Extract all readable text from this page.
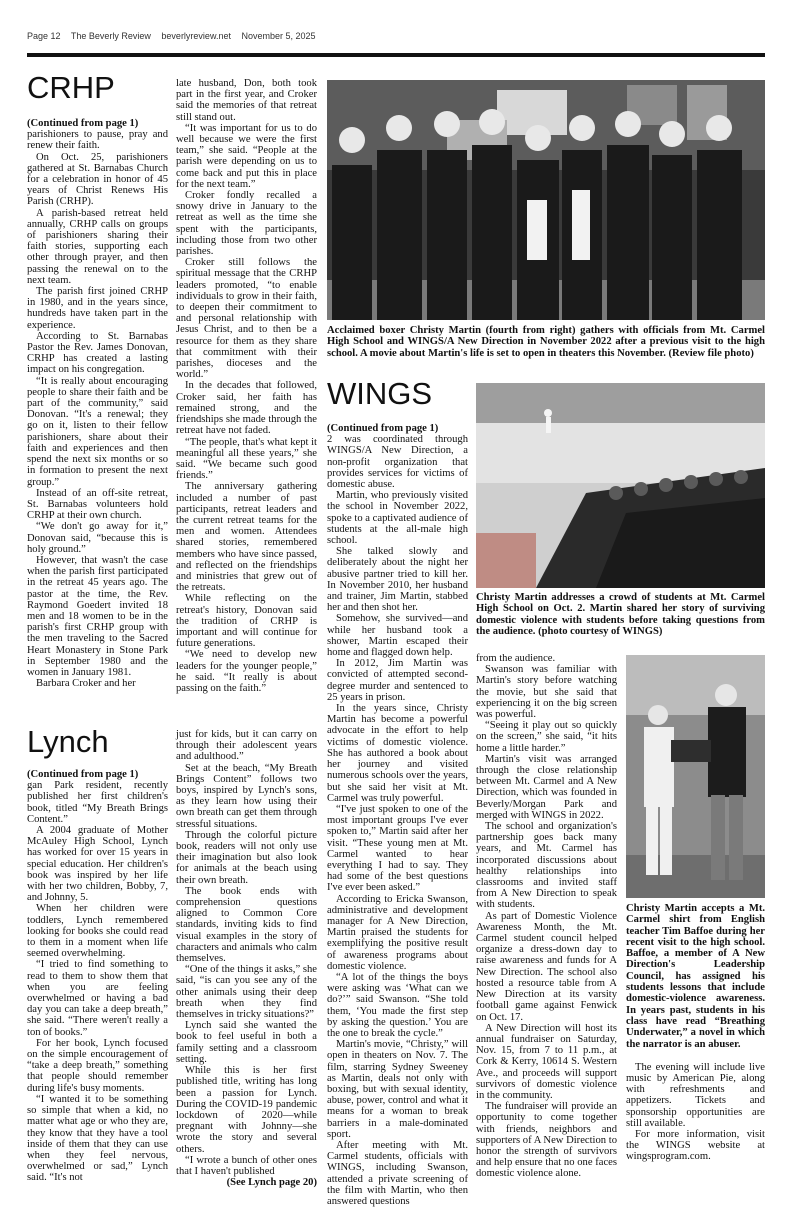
Page 12 The Beverly Review beverlyreview.net November 5, 2025
CRHP

(Continued from page 1)

parishioners to pause, pray and renew their faith.

On Oct. 25, parishioners gathered at St. Barnabas Church for a celebration in honor of 45 years of Christ Renews His Parish (CRHP).

A parish-based retreat held annually, CRHP calls on groups of parishioners sharing their faith stories, supporting each other through prayer, and then passing the renewal on to the next team.

The parish first joined CRHP in 1980, and in the years since, hundreds have taken part in the experience.

According to St. Barnabas Pastor the Rev. James Donovan, CRHP has created a lasting impact on his congregation.

“It is really about encouraging people to share their faith and be part of the community,” said Donovan. “It's a renewal; they go on it, listen to their fellow parishioners, share about their faith and experiences and then spend the next six months or so in formation to present the next group.”

Instead of an off-site retreat, St. Barnabas volunteers hold CRHP at their own church.

“We don't go away for it,” Donovan said, “because this is holy ground.”

However, that wasn't the case when the parish first participated in the retreat 45 years ago. The pastor at the time, the Rev. Raymond Goedert invited 18 men and 18 women to be in the parish's first CRHP group with the men traveling to the Sacred Heart Monastery in Stone Park in September 1980 and the women in January 1981.

Barbara Croker and her

late husband, Don, both took part in the first year, and Croker said the memories of that retreat still stand out.

“It was important for us to do well because we were the first team,” she said. “People at the parish were depending on us to come back and put this in place for the next team.”

Croker fondly recalled a snowy drive in January to the retreat as well as the time she spent with the participants, including those from two other parishes.

Croker still follows the spiritual message that the CRHP leaders promoted, “to enable individuals to grow in their faith, to deepen their commitment to and personal relationship with Jesus Christ, and to then be a resource for them as they share that commitment with their parishes, dioceses and the world.”

In the decades that followed, Croker said, her faith has remained strong, and the friendships she made through the retreat have not faded.

“The people, that's what kept it meaningful all these years,” she said. “We became such good friends.”

The anniversary gathering included a number of past participants, retreat leaders and the current retreat teams for the men and women. Attendees shared stories, remembered members who have since passed, and reflected on the friendships and ministries that grew out of the retreats.

While reflecting on the retreat's history, Donovan said the tradition of CRHP is important and will continue for future generations.

“We need to develop new leaders for the younger people,” he said. “It really is about passing on the faith.”

Acclaimed boxer Christy Martin (fourth from right) gathers with officials from Mt. Carmel High School and WINGS/A New Direction in November 2022 after a previous visit to the high school. A movie about Martin's life is set to open in theaters this November. (Review file photo)
WINGS

(Continued from page 1)

2 was coordinated through WINGS/A New Direction, a non-profit organization that provides services for victims of domestic abuse.

Martin, who previously visited the school in November 2022, spoke to a captivated audience of students at the all-male high school.

She talked slowly and deliberately about the night her abusive partner tried to kill her. In November 2010, her husband and trainer, Jim Martin, stabbed her and then shot her.

Somehow, she survived—and while her husband took a shower, Martin escaped their home and flagged down help.

In 2012, Jim Martin was convicted of attempted second-degree murder and sentenced to 25 years in prison.

In the years since, Christy Martin has become a powerful advocate in the effort to help victims of domestic violence. She has authored a book about her journey and visited numerous schools over the years, but she said her visit at Mt. Carmel was truly powerful.

“I've just spoken to one of the most important groups I've ever spoken to,” Martin said after her visit. “These young men at Mt. Carmel wanted to hear everything I had to say. They had some of the best questions I've ever been asked.”

According to Ericka Swanson, administrative and development manager for A New Direction, Martin praised the students for exemplifying the positive result of awareness programs about domestic violence.

“A lot of the things the boys were asking was ‘What can we do?’” said Swanson. “She told them, ‘You made the first step by asking the question.’ You are the one to break the cycle.”

Martin's movie, “Christy,” will open in theaters on Nov. 7. The film, starring Sydney Sweeney as Martin, deals not only with boxing, but with sexual identity, abuse, power, control and what it means for a woman to break barriers in a male-dominated sport.

After meeting with Mt. Carmel students, officials with WINGS, including Swanson, attended a private screening of the film with Martin, who then answered questions

from the audience.

Swanson was familiar with Martin's story before watching the movie, but she said that experiencing it on the big screen was powerful.

“Seeing it play out so quickly on the screen,” she said, “it hits home a little harder.”

Martin's visit was arranged through the close relationship between Mt. Carmel and A New Direction, which was founded in Beverly/Morgan Park and merged with WINGS in 2022.

The school and organization's partnership goes back many years, and Mt. Carmel has incorporated discussions about healthy relationships into classrooms and invited staff from A New Direction to speak with students.

As part of Domestic Violence Awareness Month, the Mt. Carmel student council helped organize a dress-down day to raise awareness and funds for A New Direction. The school also hosted a resource table from A New Direction at its varsity football game against Fenwick on Oct. 17.

A New Direction will host its annual fundraiser on Saturday, Nov. 15, from 7 to 11 p.m., at Cork & Kerry, 10614 S. Western Ave., and proceeds will support survivors of domestic violence in the community.

The fundraiser will provide an opportunity to come together with friends, neighbors and supporters of A New Direction to honor the strength of survivors and help ensure that no one faces domestic violence alone.

Christy Martin addresses a crowd of students at Mt. Carmel High School on Oct. 2. Martin shared her story of surviving domestic violence with students before taking questions from the audience. (photo courtesy of WINGS)
Christy Martin accepts a Mt. Carmel shirt from English teacher Tim Baffoe during her recent visit to the high school. Baffoe, a member of A New Direction's Leadership Council, has assigned his students lessons that include domestic-violence awareness. In years past, students in his class have read “Breathing Underwater,” a novel in which the narrator is an abuser.

The evening will include live music by American Pie, along with refreshments and appetizers. Tickets and sponsorship opportunities are still available.

For more information, visit the WINGS website at wingsprogram.com.

Lynch

(Continued from page 1)

gan Park resident, recently published her first children's book, titled “My Breath Brings Content.”

A 2004 graduate of Mother McAuley High School, Lynch has worked for over 15 years in special education. Her children's book was inspired by her life with her two children, Bobby, 7, and Johnny, 5.

When her children were toddlers, Lynch remembered looking for books she could read to them in a moment when life seemed overwhelming.

“I tried to find something to read to them to show them that when you are feeling overwhelmed or having a bad day you can take a deep breath,” she said. “There weren't really a ton of books.”

For her book, Lynch focused on the simple encouragement of “take a deep breath,” something that people should remember during life's busy moments.

“I wanted it to be something so simple that when a kid, no matter what age or who they are, they know that they have a tool inside of them that they can use when they feel nervous, overwhelmed or sad,” Lynch said. “It's not

just for kids, but it can carry on through their adolescent years and adulthood.”

Set at the beach, “My Breath Brings Content” follows two boys, inspired by Lynch's sons, as they learn how using their own breath can get them through stressful situations.

Through the colorful picture book, readers will not only use their imagination but also look for animals at the beach using their own breath.

The book ends with comprehension questions aligned to Common Core standards, inviting kids to find visual examples in the story of characters and animals who calm themselves.

“One of the things it asks,” she said, “is can you see any of the other animals using their deep breath when they find themselves in tricky situations?”

Lynch said she wanted the book to feel useful in both a family setting and a classroom setting.

While this is her first published title, writing has long been a passion for Lynch. During the COVID-19 pandemic lockdown of 2020—while pregnant with Johnny—she wrote the story and several others.

“I wrote a bunch of other ones that I haven't published

(See Lynch page 20)
